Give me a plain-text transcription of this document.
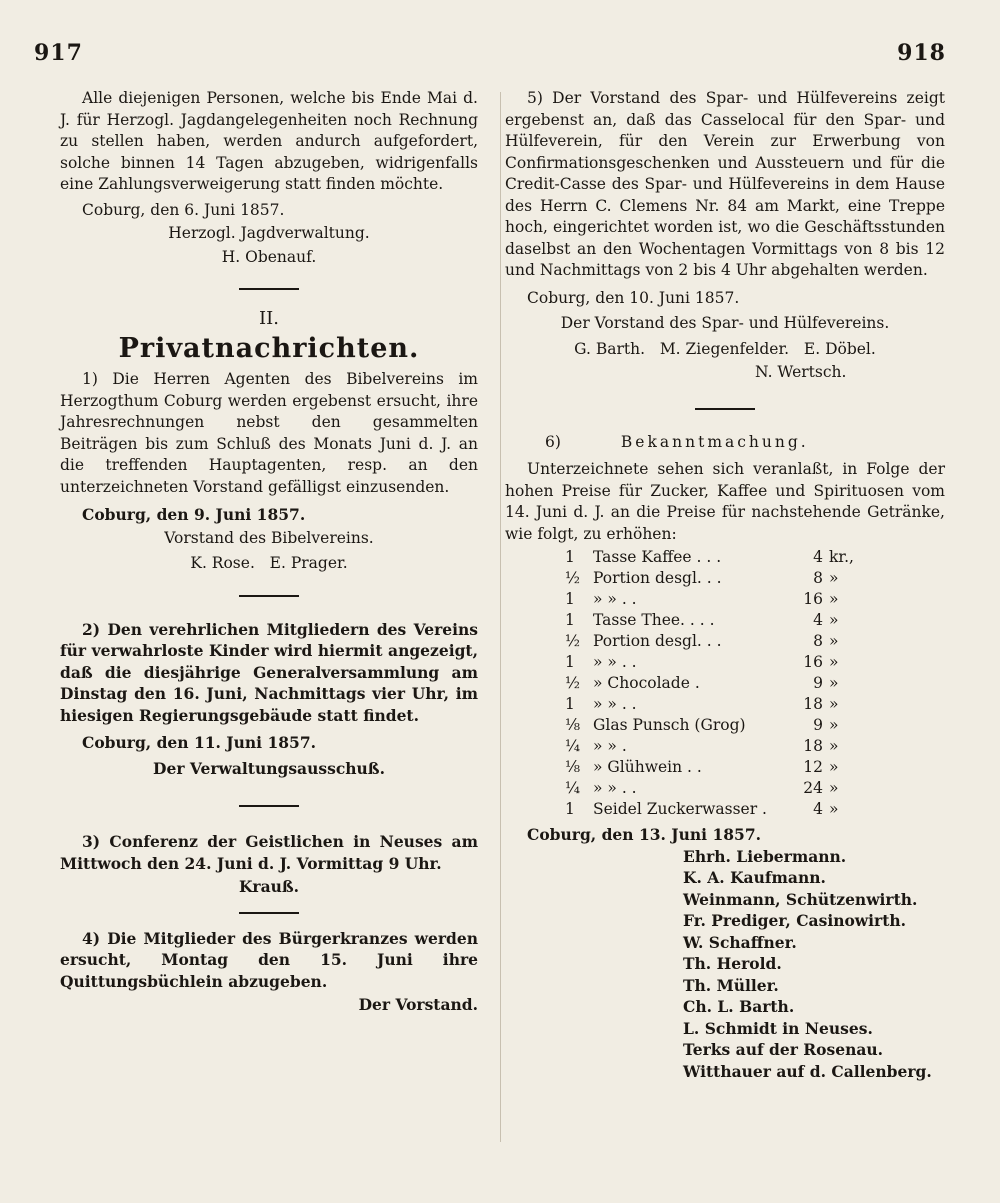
917	918

Alle diejenigen Personen, welche bis Ende Mai d. J. für Herzogl. Jagdangelegenheiten noch Rechnung zu stellen haben, werden andurch aufgefordert, solche binnen 14 Tagen abzugeben, widrigenfalls eine Zahlungsverweigerung statt finden möchte.

Coburg, den 6. Juni 1857.

Herzogl. Jagdverwaltung.

H. Obenauf.

II.
Privatnachrichten.

1) Die Herren Agenten des Bibelvereins im Herzogthum Coburg werden ergebenst ersucht, ihre Jahresrechnungen nebst den gesammelten Beiträgen bis zum Schluß des Monats Juni d. J. an die treffenden Hauptagenten, resp. an den unterzeichneten Vorstand gefälligst einzusenden.

Coburg, den 9. Juni 1857.

Vorstand des Bibelvereins.

K. Rose.   E. Prager.

2) Den verehrlichen Mitgliedern des Vereins für verwahrloste Kinder wird hiermit angezeigt, daß die diesjährige Generalversammlung am Dinstag den 16. Juni, Nachmittags vier Uhr, im hiesigen Regierungsgebäude statt findet.

Coburg, den 11. Juni 1857.

Der Verwaltungsausschuß.

3) Conferenz der Geistlichen in Neuses am Mittwoch den 24. Juni d. J. Vormittag 9 Uhr.

Krauß.

4) Die Mitglieder des Bürgerkranzes werden ersucht, Montag den 15. Juni ihre Quittungsbüchlein abzugeben.

Der Vorstand.

5) Der Vorstand des Spar- und Hülfevereins zeigt ergebenst an, daß das Casselocal für den Spar- und Hülfeverein, für den Verein zur Erwerbung von Confirmationsgeschenken und Aussteuern und für die Credit-Casse des Spar- und Hülfevereins in dem Hause des Herrn C. Clemens Nr. 84 am Markt, eine Treppe hoch, eingerichtet worden ist, wo die Geschäftsstunden daselbst an den Wochentagen Vormittags von 8 bis 12 und Nachmittags von 2 bis 4 Uhr abgehalten werden.

Coburg, den 10. Juni 1857.

Der Vorstand des Spar- und Hülfevereins.

G. Barth.   M. Ziegenfelder.   E. Döbel.

N. Wertsch.

6)	Bekanntmachung.

Unterzeichnete sehen sich veranlaßt, in Folge der hohen Preise für Zucker, Kaffee und Spirituosen vom 14. Juni d. J. an die Preise für nachstehende Getränke, wie folgt, zu erhöhen:

1	Tasse Kaffee . . .	4 kr.,
½ Portion desgl. . .	8 »
1	» » . .	16 »
1	Tasse Thee. . . .	4 »
½ Portion desgl. . .	8 »
1	» » . .	16 »
½ » Chocolade .	9 »
1	» » . .	18 »
⅛ Glas Punsch (Grog)	9 »
¼ » » .	18 »
⅛ » Glühwein . .	12 »
¼ » » . .	24 »
1	Seidel Zuckerwasser .	4 »

Coburg, den 13. Juni 1857.

Ehrh. Liebermann.
K. A. Kaufmann.
Weinmann, Schützenwirth.
Fr. Prediger, Casinowirth.
W. Schaffner.
Th. Herold.
Th. Müller.
Ch. L. Barth.
L. Schmidt in Neuses.
Terks auf der Rosenau.
Witthauer auf d. Callenberg.
